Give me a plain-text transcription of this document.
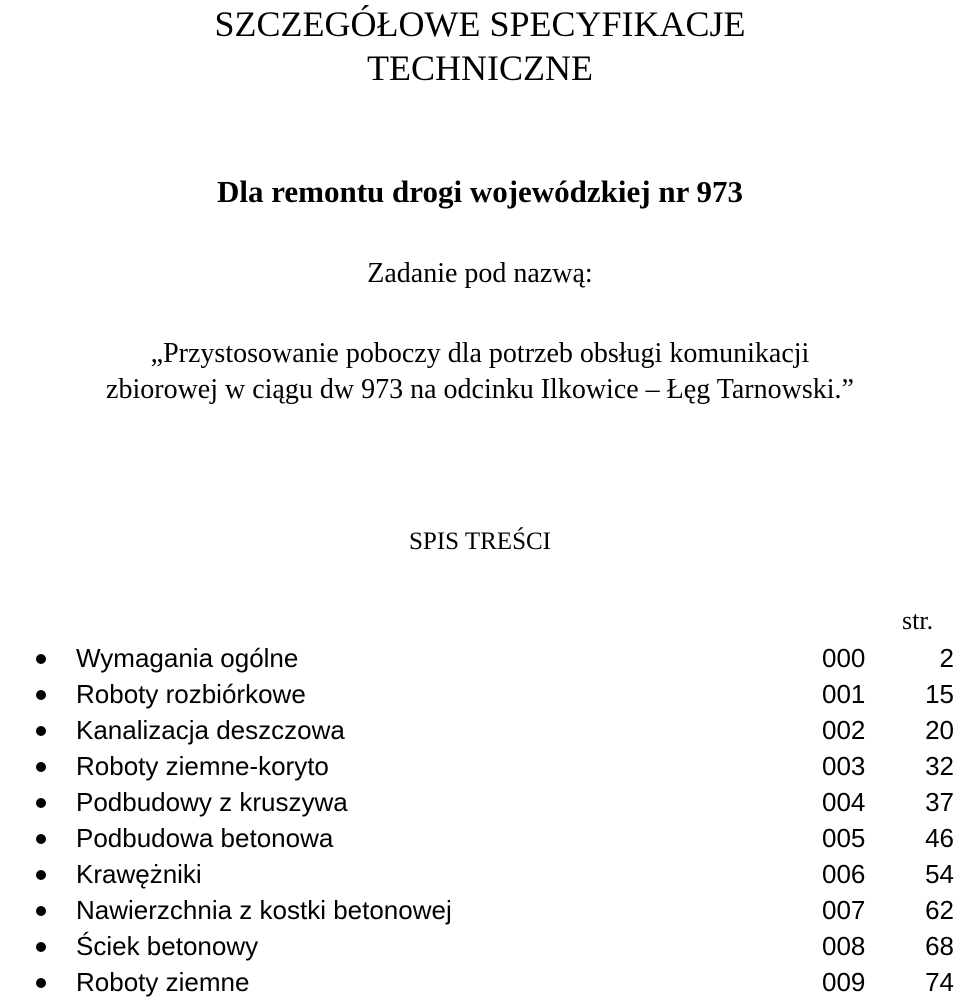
SZCZEGÓŁOWE SPECYFIKACJE
TECHNICZNE
Dla remontu drogi wojewódzkiej nr 973
Zadanie pod nazwą:
„Przystosowanie poboczy dla potrzeb obsługi komunikacji
zbiorowej w ciągu dw 973 na odcinku Ilkowice – Łęg Tarnowski.”
SPIS TREŚCI
str.
Wymagania ogólne	000	2
Roboty rozbiórkowe	001	15
Kanalizacja deszczowa	002	20
Roboty ziemne-koryto	003	32
Podbudowy z kruszywa	004	37
Podbudowa betonowa	005	46
Krawężniki	006	54
Nawierzchnia z kostki betonowej	007	62
Ściek betonowy	008	68
Roboty ziemne	009	74
